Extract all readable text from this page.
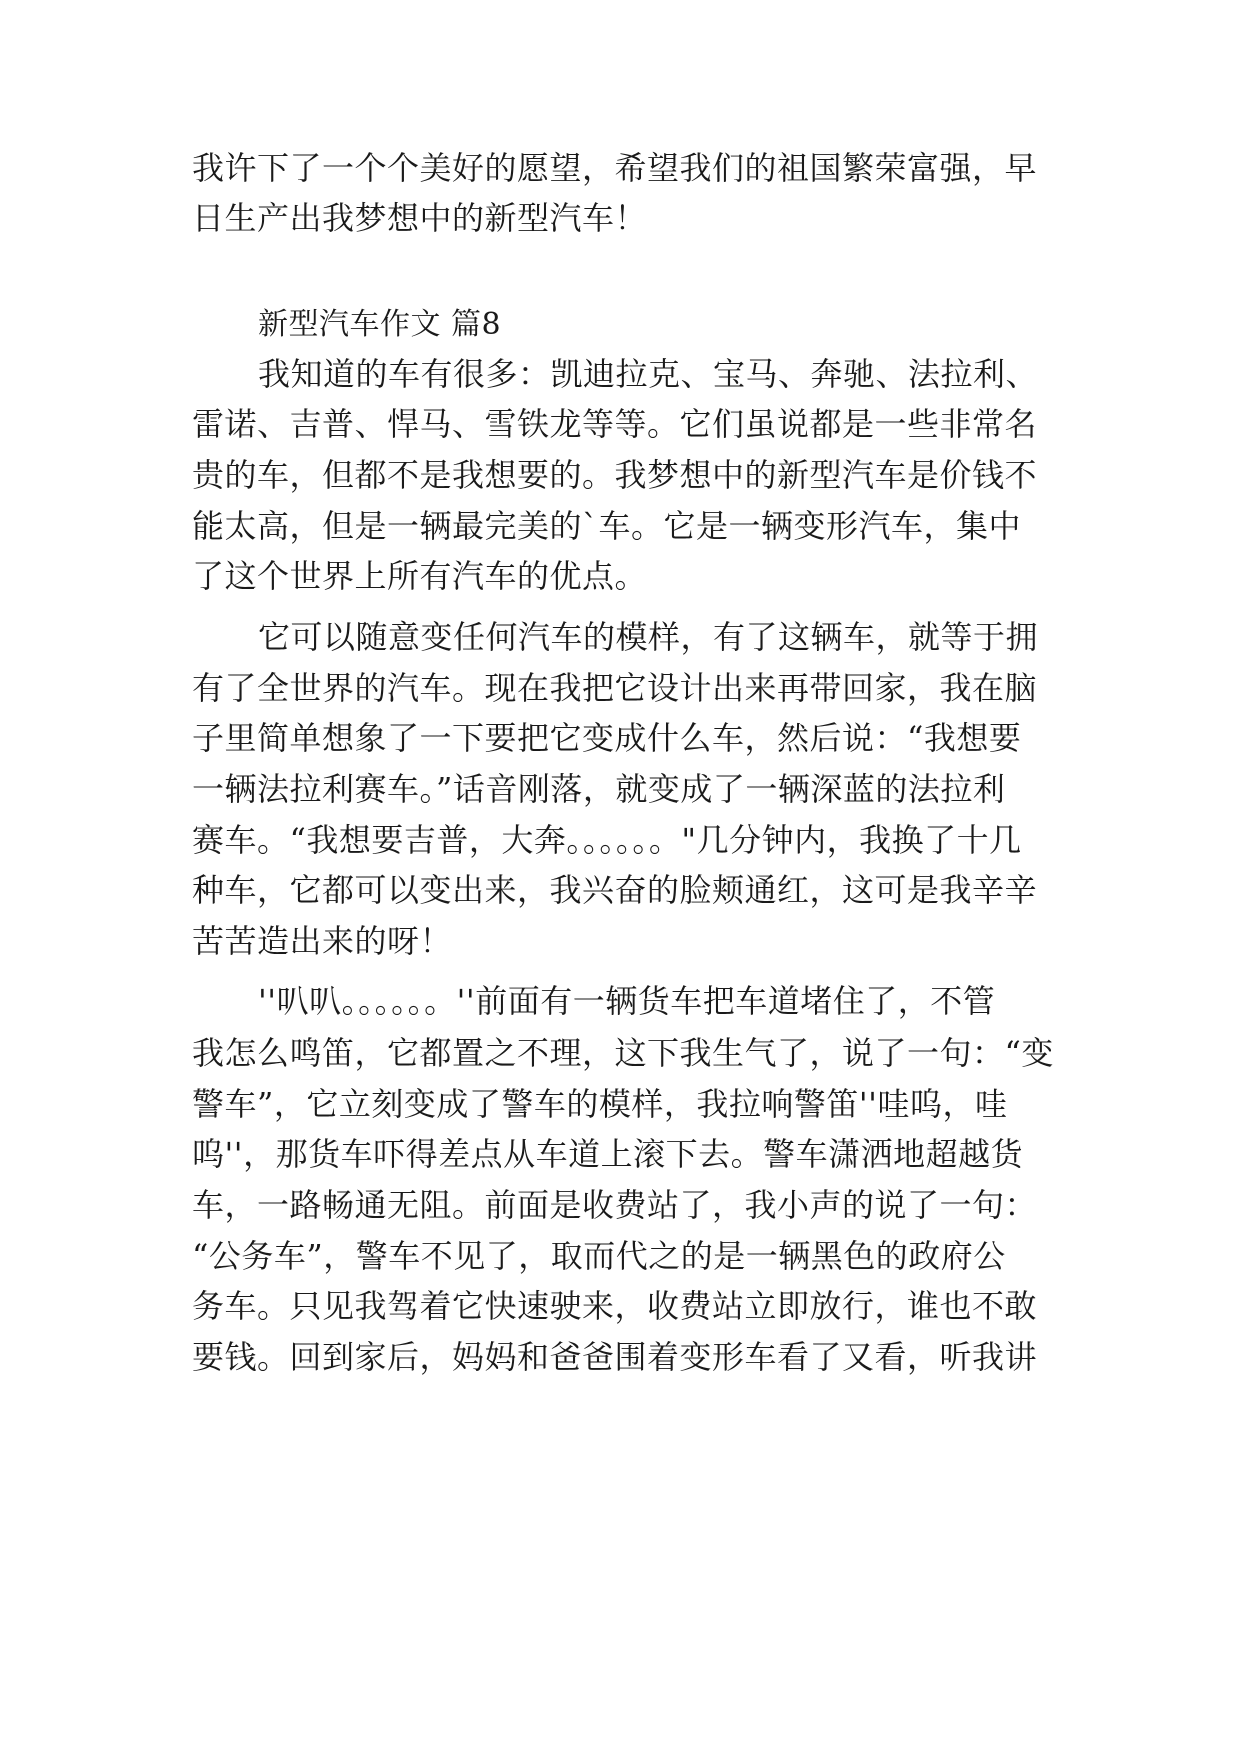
我许下了一个个美好的愿望，希望我们的祖国繁荣富强，早
日生产出我梦想中的新型汽车！
新型汽车作文 篇8
我知道的车有很多：凯迪拉克、宝马、奔驰、法拉利、
雷诺、吉普、悍马、雪铁龙等等。它们虽说都是一些非常名
贵的车，但都不是我想要的。我梦想中的新型汽车是价钱不
能太高，但是一辆最完美的`车。它是一辆变形汽车，集中
了这个世界上所有汽车的优点。
它可以随意变任何汽车的模样，有了这辆车，就等于拥
有了全世界的汽车。现在我把它设计出来再带回家，我在脑
子里简单想象了一下要把它变成什么车，然后说：“我想要
一辆法拉利赛车。”话音刚落，就变成了一辆深蓝的法拉利
赛车。“我想要吉普，大奔。。。。。。"几分钟内，我换了十几
种车，它都可以变出来，我兴奋的脸颊通红，这可是我辛辛
苦苦造出来的呀！
''叭叭。。。。。。''前面有一辆货车把车道堵住了，不管
我怎么鸣笛，它都置之不理，这下我生气了，说了一句：“变
警车”，它立刻变成了警车的模样，我拉响警笛''哇呜，哇
呜''，那货车吓得差点从车道上滚下去。警车潇洒地超越货
车，一路畅通无阻。前面是收费站了，我小声的说了一句：
“公务车”，警车不见了，取而代之的是一辆黑色的政府公
务车。只见我驾着它快速驶来，收费站立即放行，谁也不敢
要钱。回到家后，妈妈和爸爸围着变形车看了又看，听我讲
